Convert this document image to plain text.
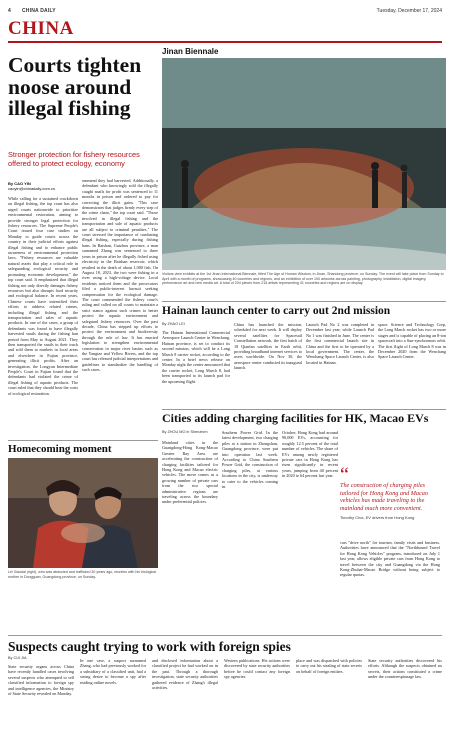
4 CHINA DAILY	Tuesday, December 17, 2024
CHINA
Courts tighten noose around illegal fishing
Stronger protection for fishery resources offered to protect ecology, economy
By CAO YIN
caoyin@chinadaily.com.cn
While calling for a sustained crackdown on illegal fishing, the top court has also urged courts nationwide to prioritize environmental restoration, aiming to provide stronger legal protection for fishery resources. The Supreme People's Court issued four case studies on Monday to guide courts across the country in their judicial efforts against illegal fishing and to enhance public awareness of environmental protection laws. "Fishery resources are valuable natural assets that play a critical role in safeguarding ecological security and promoting economic development," the top court said. It emphasized that illegal fishing not only directly damages fishery resources but also disrupts food security and ecological balance. In recent years, Chinese courts have intensified their efforts to address related crimes, including illegal fishing and the transportation and sales of aquatic products. In one of the cases, a group of defendants was found to have illegally harvested snails during the fishing ban period from May to August 2021. They then transported the snails in their truck and sold them to markets in local areas and elsewhere in Fujian province, generating illicit profits. After an investigation, the Longyan Intermediate People's Court in Fujian found that the defendants had violated the crime of illegal fishing of aquatic products. The court ruled that they should bear the costs of ecological restoration.
ommend they had harvested. Additionally, a defendant who knowingly sold the illegally caught snails for profit was sentenced to 11 months in prison and ordered to pay for correcting the illicit gains. "This case demonstrates that judges firmly every step of the crime chain," the top court said. "Those involved in illegal fishing and the transportation and sale of aquatic products are all subject to criminal penalties." The court stressed the importance of combating illegal fishing, especially during fishing bans. In Baishan, Guizhou province, a man surnamed Zhang was sentenced to three years in prison after he illegally fished using electricity in the Baishan reservoir, which resulted in the death of about 1,000 fish. On August 18, 2023, the two were fishing in a river using a high-voltage device. Local residents noticed them and the prosecutors filed a public-interest lawsuit seeking compensation for the ecological damage. The court commended the fishery court's ruling and called on all courts to maintain a strict stance against such crimes to better protect the aquatic environment and safeguard fishery resources. Over the past decade, China has stepped up efforts to protect the environment and biodiversity through the rule of law. It has enacted legislation to strengthen environmental conservation in major river basins such as the Yangtze and Yellow Rivers, and the top court has released judicial interpretations and guidelines to standardize the handling of such cases.
Homecoming moment
Lei Xiaodai (right), who was abducted and trafficked 30 years ago, reunites with his biological mother in Dongguan, Guangdong province, on Sunday.
Jinan Biennale
Visitors view exhibits at the 1st Jinan International Biennale, titled The Age of Human Wisdom, in Jinan, Shandong province, on Sunday. The event will take place from Sunday to April with a month of programs, showcasing 40 countries and regions, and an exhibition of over 100 artworks across painting, photography, installation, digital imagery, performance art and new media art. A total of 204 pieces from 215 artists representing 41 countries and regions are on display.
Hainan launch center to carry out 2nd mission
By ZHAO LEI
The Hainan International Commercial Aerospace Launch Center in Wenchang, Hainan province, is set to conduct its second mission, which will be a Long March 8 carrier rocket, according to the center. In a brief news release on Monday night the center announced that the carrier rocket, Long March 8, had been transported to its launch pad for the upcoming flight.
China has launched the mission, scheduled for next week. It will deploy several satellites for Spacesail Constellation network, the first batch of 18 Qianfan satellites in Earth orbit, providing broadband internet services to users worldwide. On Nov 30, the aerospace center conducted its inaugural launch.
Launch Pad No 2 was completed in December last year, while Launch Pad No 1 was finished in June. The center is the first commercial launch site in China and the first to be operated by a local government. The center, the Wenchang Space Launch Center, is also located in Hainan.
space. Science and Technology Corp, the Long March rocket has two or more stages and is capable of placing an 8-ton spacecraft into a Sun-synchronous orbit. The first flight of Long March 8 was in December 2020 from the Wenchang Space Launch Center.
Cities adding charging facilities for HK, Macao EVs
By ZHOU MO in Shenzhen
Mainland cities in the Guangdong-Hong Kong-Macao Greater Bay Area are accelerating the construction of charging facilities tailored for Hong Kong and Macao electric vehicles. The move comes as a growing number of private cars from the two special administrative regions are traveling across the boundary under preferential policies.
Southern Power Grid. In the latest development, two charging piles at a station in Zhongshan, Guangdong province, were put into operation last week. According to China Southern Power Grid, the construction of charging piles, at various locations in the city, is underway to cater to the vehicles coming in.
October, Hong Kong had around 90,000 EVs, accounting for roughly 12.5 percent of the total number of vehicles. The share of EVs among newly registered private cars in Hong Kong has risen significantly in recent years, jumping from 40 percent in 2020 to 64 percent last year. “
The construction of charging piles tailored for Hong Kong and Macao vehicles has made traveling to the mainland much more convenient.
Timothy Choi, EV drivers from Hong Kong
cars "drive north" for tourism, family visits and business. Authorities have announced that the "Northbound Travel for Hong Kong Vehicles" program, introduced on July 1 last year, allows eligible private cars from Hong Kong to travel between the city and Guangdong via the Hong Kong-Zhuhai-Macao Bridge without being subject to regular quotas.
Suspects caught trying to work with foreign spies
By CUI JIA
State security organs across China have recently handled cases involving several suspects who attempted to sell classified information to foreign spy and intelligence agencies, the Ministry of State Security revealed on Monday.
In one case, a suspect surnamed Zhang, who had previously worked for a subsidiary of a classified unit, had a strong desire to become a spy after reading online novels.
and disclosed information about a classified project he had worked on in the past. Through a thorough investigation, state security authorities gathered evidence of Zhang's illegal activities.
Western publications. His actions were discovered by state security authorities before he could contact any foreign spy agencies.
place and was dispatched with policies to carry out his stealing of state secrets on behalf of foreign entities.
State security authorities discovered his efforts. Although the suspects obtained no secrets, their actions constituted a crime under the counterespionage law.
